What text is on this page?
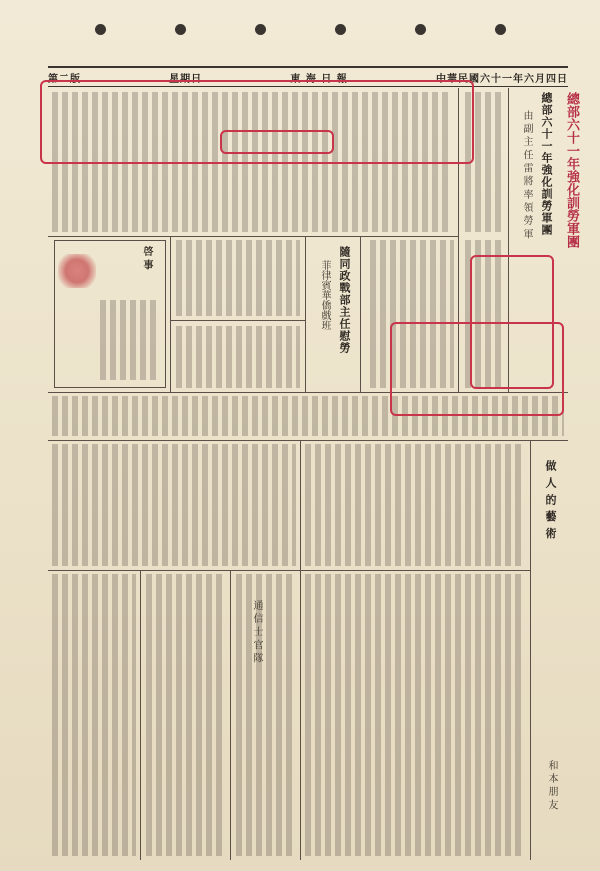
第二版	星期日	東 海 日 報	中華民國六十一年六月四日
總部六十一年強化訓勞軍團
由 副 主 任 雷 將 率 領 勞 軍
隨同政戰部主任慰勞
菲律賓華僑戲班
做 人 的 藝 術
通 信 士 官 隊
和 本 朋 友
啓 事
總部六十一年強化訓勞軍團
